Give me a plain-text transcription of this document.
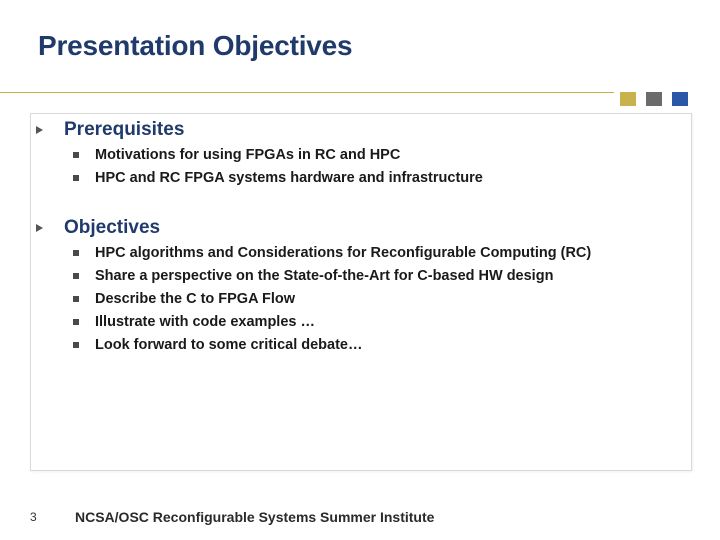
Presentation Objectives
Prerequisites
Motivations for using FPGAs in RC and HPC
HPC and RC FPGA systems hardware and infrastructure
Objectives
HPC algorithms and Considerations for Reconfigurable Computing (RC)
Share a perspective on the State-of-the-Art for C-based HW design
Describe the C to FPGA Flow
Illustrate with code examples …
Look forward to some critical debate…
3	NCSA/OSC Reconfigurable Systems Summer Institute
